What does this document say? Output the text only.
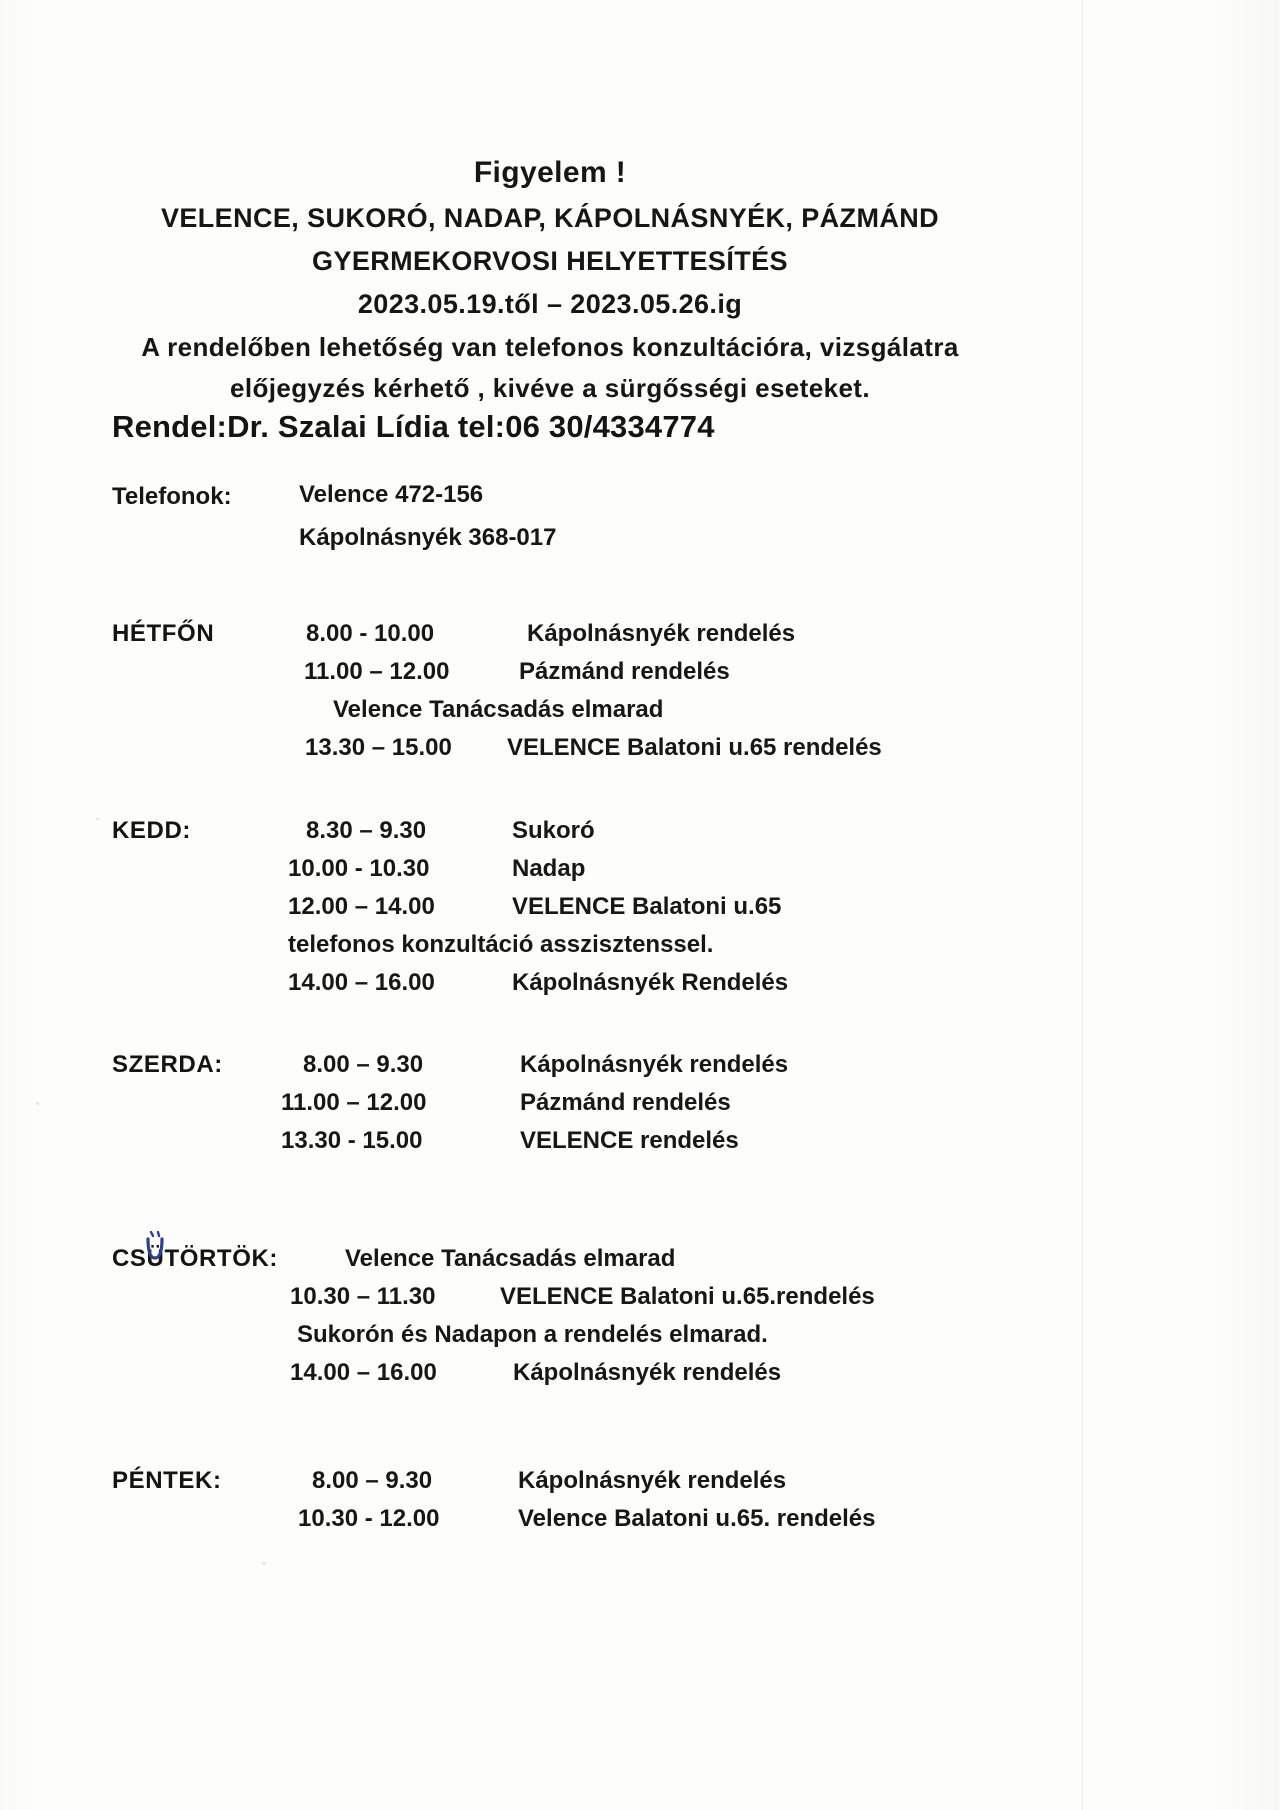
Figyelem !
VELENCE, SUKORÓ, NADAP, KÁPOLNÁSNYÉK, PÁZMÁND
GYERMEKORVOSI HELYETTESÍTÉS
2023.05.19.től – 2023.05.26.ig
A rendelőben lehetőség van telefonos konzultációra, vizsgálatra
előjegyzés kérhető , kivéve a sürgősségi eseteket.
Rendel:Dr. Szalai Lídia tel:06 30/4334774
Telefonok:	Velence 472-156
Kápolnásnyék 368-017
HÉTFŐN	8.00 - 10.00	Kápolnásnyék rendelés
11.00 – 12.00	Pázmánd rendelés
Velence Tanácsadás elmarad
13.30 – 15.00 VELENCE Balatoni u.65 rendelés
KEDD:	8.30 – 9.30	Sukoró
10.00 - 10.30	Nadap
12.00 – 14.00	VELENCE Balatoni u.65
telefonos konzultáció asszisztenssel.
14.00 – 16.00	Kápolnásnyék Rendelés
SZERDA:	8.00 – 9.30	Kápolnásnyék rendelés
11.00 – 12.00	Pázmánd rendelés
13.30 - 15.00	VELENCE rendelés
CSÜTÖRTÖK:	Velence Tanácsadás elmarad
10.30 – 11.30	VELENCE Balatoni u.65.rendelés
Sukorón és Nadapon a rendelés elmarad.
14.00 – 16.00	Kápolnásnyék rendelés
PÉNTEK:	8.00 – 9.30	Kápolnásnyék rendelés
10.30 - 12.00	Velence Balatoni u.65. rendelés
